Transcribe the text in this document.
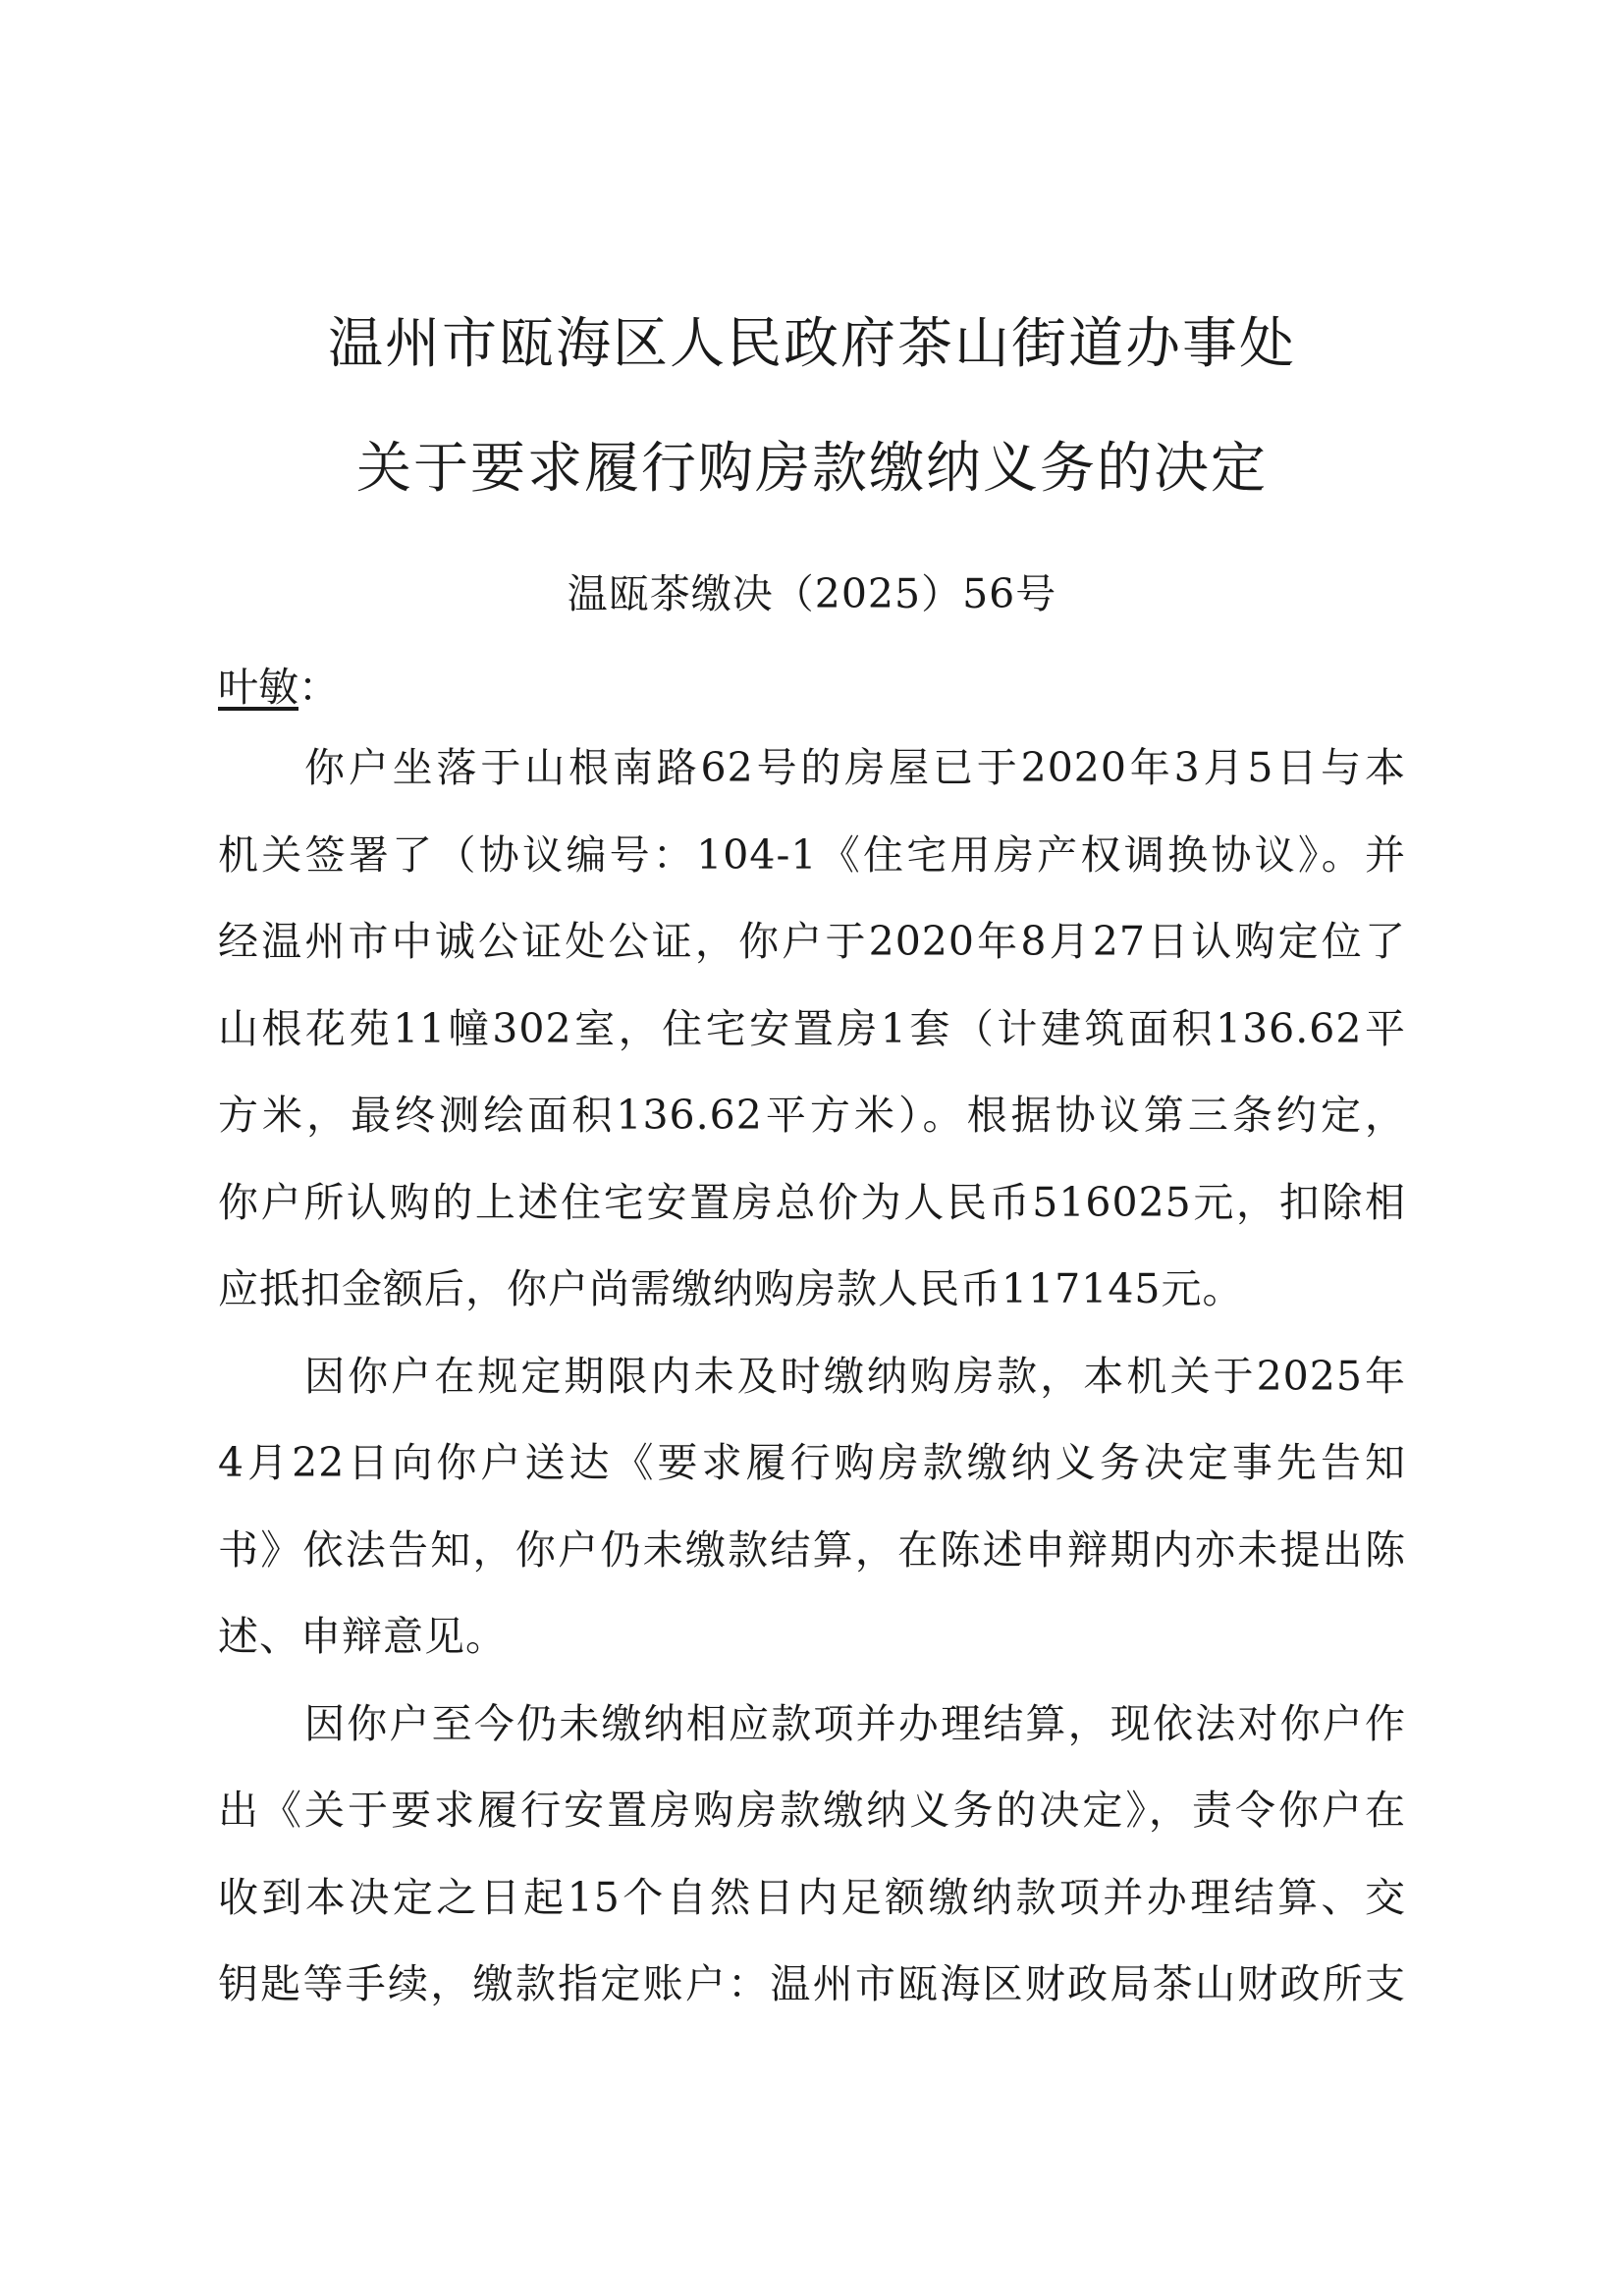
温州市瓯海区人民政府茶山街道办事处
关于要求履行购房款缴纳义务的决定
温瓯茶缴决（2025）56号
叶敏：
你户坐落于山根南路62号的房屋已于2020年3月5日与本
机关签署了（协议编号：104-1《住宅用房产权调换协议》。并
经温州市中诚公证处公证，你户于2020年8月27日认购定位了
山根花苑11幢302室，住宅安置房1套（计建筑面积136.62平
方米，最终测绘面积136.62平方米）。根据协议第三条约定，
你户所认购的上述住宅安置房总价为人民币516025元，扣除相
应抵扣金额后，你户尚需缴纳购房款人民币117145元。
因你户在规定期限内未及时缴纳购房款，本机关于2025年
4月22日向你户送达《要求履行购房款缴纳义务决定事先告知
书》依法告知，你户仍未缴款结算，在陈述申辩期内亦未提出陈
述、申辩意见。
因你户至今仍未缴纳相应款项并办理结算，现依法对你户作
出《关于要求履行安置房购房款缴纳义务的决定》，责令你户在
收到本决定之日起15个自然日内足额缴纳款项并办理结算、交
钥匙等手续，缴款指定账户：温州市瓯海区财政局茶山财政所支
